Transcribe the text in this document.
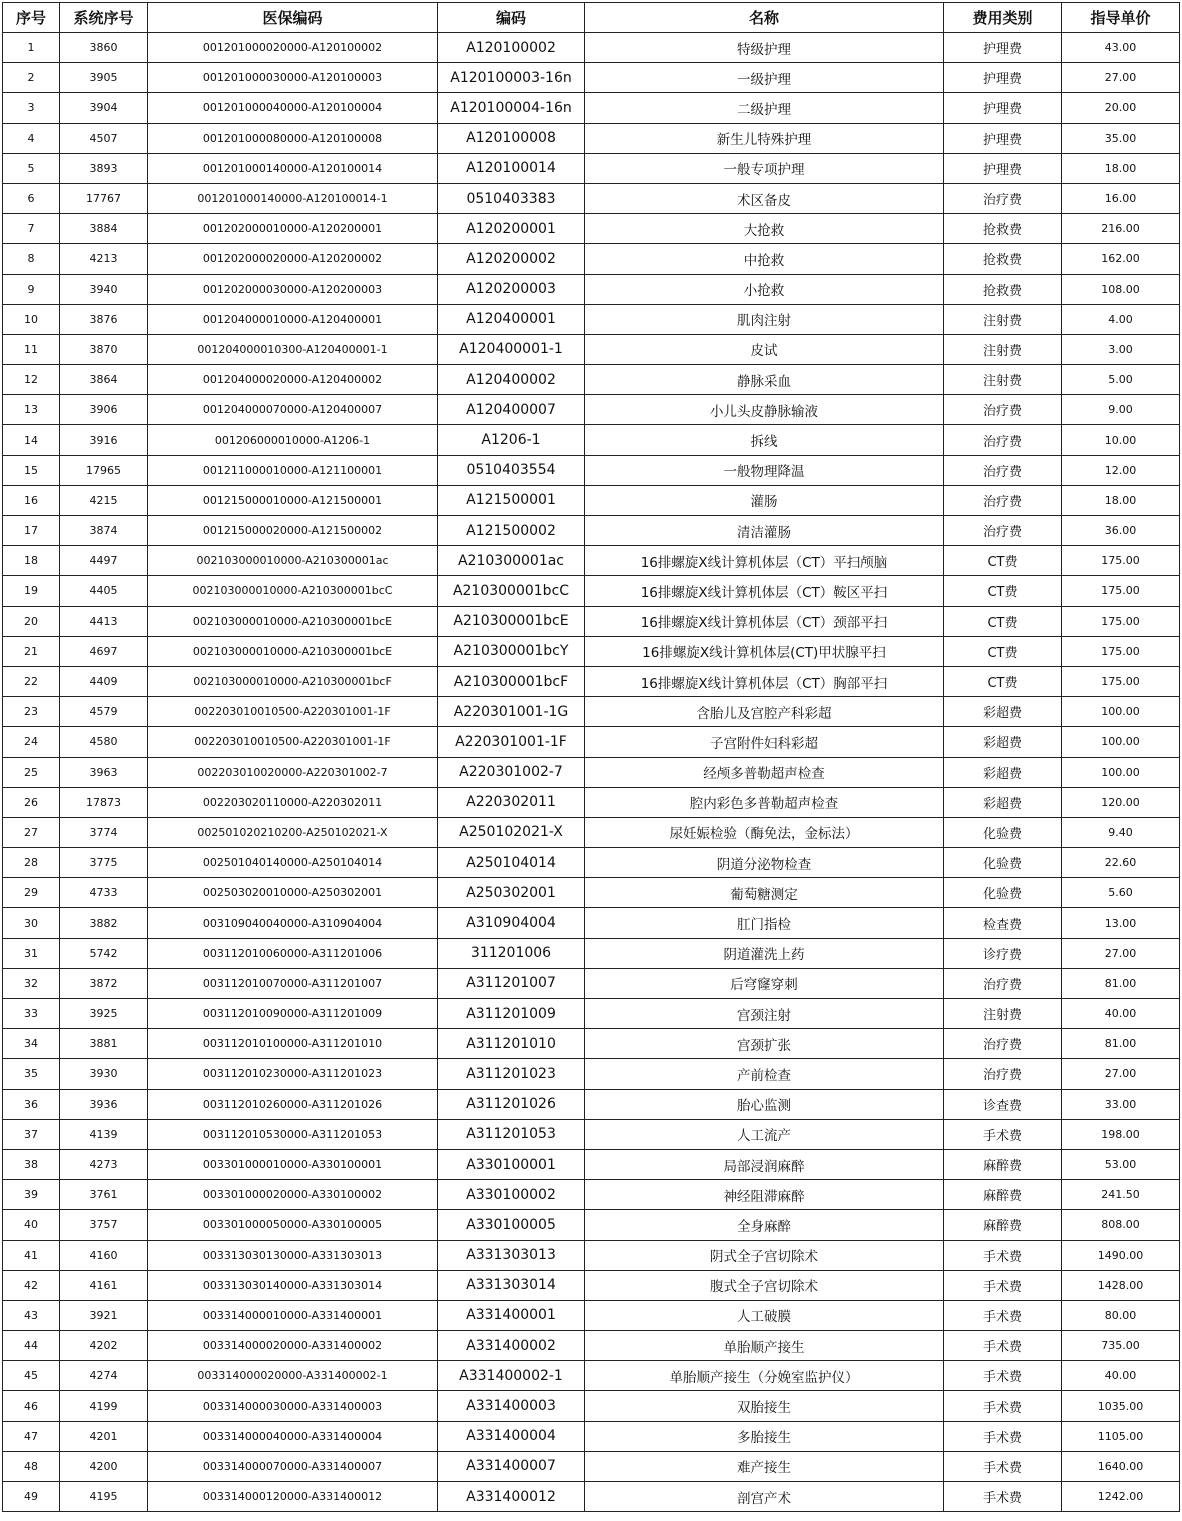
序号	系统序号	医保编码	编码	名称	费用类别	指导单价
1	3860	001201000020000-A120100002	A120100002	特级护理	护理费	43.00
2	3905	001201000030000-A120100003	A120100003-16n	一级护理	护理费	27.00
3	3904	001201000040000-A120100004	A120100004-16n	二级护理	护理费	20.00
4	4507	001201000080000-A120100008	A120100008	新生儿特殊护理	护理费	35.00
5	3893	001201000140000-A120100014	A120100014	一般专项护理	护理费	18.00
6	17767	001201000140000-A120100014-1	0510403383	术区备皮	治疗费	16.00
7	3884	001202000010000-A120200001	A120200001	大抢救	抢救费	216.00
8	4213	001202000020000-A120200002	A120200002	中抢救	抢救费	162.00
9	3940	001202000030000-A120200003	A120200003	小抢救	抢救费	108.00
10	3876	001204000010000-A120400001	A120400001	肌肉注射	注射费	4.00
11	3870	001204000010300-A120400001-1	A120400001-1	皮试	注射费	3.00
12	3864	001204000020000-A120400002	A120400002	静脉采血	注射费	5.00
13	3906	001204000070000-A120400007	A120400007	小儿头皮静脉输液	治疗费	9.00
14	3916	001206000010000-A1206-1	A1206-1	拆线	治疗费	10.00
15	17965	001211000010000-A121100001	0510403554	一般物理降温	治疗费	12.00
16	4215	001215000010000-A121500001	A121500001	灌肠	治疗费	18.00
17	3874	001215000020000-A121500002	A121500002	清洁灌肠	治疗费	36.00
18	4497	002103000010000-A210300001ac	A210300001ac	16排螺旋X线计算机体层（CT）平扫颅脑	CT费	175.00
19	4405	002103000010000-A210300001bcC	A210300001bcC	16排螺旋X线计算机体层（CT）鞍区平扫	CT费	175.00
20	4413	002103000010000-A210300001bcE	A210300001bcE	16排螺旋X线计算机体层（CT）颈部平扫	CT费	175.00
21	4697	002103000010000-A210300001bcE	A210300001bcY	16排螺旋X线计算机体层(CT)甲状腺平扫	CT费	175.00
22	4409	002103000010000-A210300001bcF	A210300001bcF	16排螺旋X线计算机体层（CT）胸部平扫	CT费	175.00
23	4579	002203010010500-A220301001-1F	A220301001-1G	含胎儿及宫腔产科彩超	彩超费	100.00
24	4580	002203010010500-A220301001-1F	A220301001-1F	子宫附件妇科彩超	彩超费	100.00
25	3963	002203010020000-A220301002-7	A220301002-7	经颅多普勒超声检查	彩超费	100.00
26	17873	002203020110000-A220302011	A220302011	腔内彩色多普勒超声检查	彩超费	120.00
27	3774	002501020210200-A250102021-X	A250102021-X	尿妊娠检验（酶免法，金标法）	化验费	9.40
28	3775	002501040140000-A250104014	A250104014	阴道分泌物检查	化验费	22.60
29	4733	002503020010000-A250302001	A250302001	葡萄糖测定	化验费	5.60
30	3882	003109040040000-A310904004	A310904004	肛门指检	检查费	13.00
31	5742	003112010060000-A311201006	311201006	阴道灌洗上药	诊疗费	27.00
32	3872	003112010070000-A311201007	A311201007	后穹窿穿刺	治疗费	81.00
33	3925	003112010090000-A311201009	A311201009	宫颈注射	注射费	40.00
34	3881	003112010100000-A311201010	A311201010	宫颈扩张	治疗费	81.00
35	3930	003112010230000-A311201023	A311201023	产前检查	治疗费	27.00
36	3936	003112010260000-A311201026	A311201026	胎心监测	诊查费	33.00
37	4139	003112010530000-A311201053	A311201053	人工流产	手术费	198.00
38	4273	003301000010000-A330100001	A330100001	局部浸润麻醉	麻醉费	53.00
39	3761	003301000020000-A330100002	A330100002	神经阻滞麻醉	麻醉费	241.50
40	3757	003301000050000-A330100005	A330100005	全身麻醉	麻醉费	808.00
41	4160	003313030130000-A331303013	A331303013	阴式全子宫切除术	手术费	1490.00
42	4161	003313030140000-A331303014	A331303014	腹式全子宫切除术	手术费	1428.00
43	3921	003314000010000-A331400001	A331400001	人工破膜	手术费	80.00
44	4202	003314000020000-A331400002	A331400002	单胎顺产接生	手术费	735.00
45	4274	003314000020000-A331400002-1	A331400002-1	单胎顺产接生（分娩室监护仪）	手术费	40.00
46	4199	003314000030000-A331400003	A331400003	双胎接生	手术费	1035.00
47	4201	003314000040000-A331400004	A331400004	多胎接生	手术费	1105.00
48	4200	003314000070000-A331400007	A331400007	难产接生	手术费	1640.00
49	4195	003314000120000-A331400012	A331400012	剖宫产术	手术费	1242.00
